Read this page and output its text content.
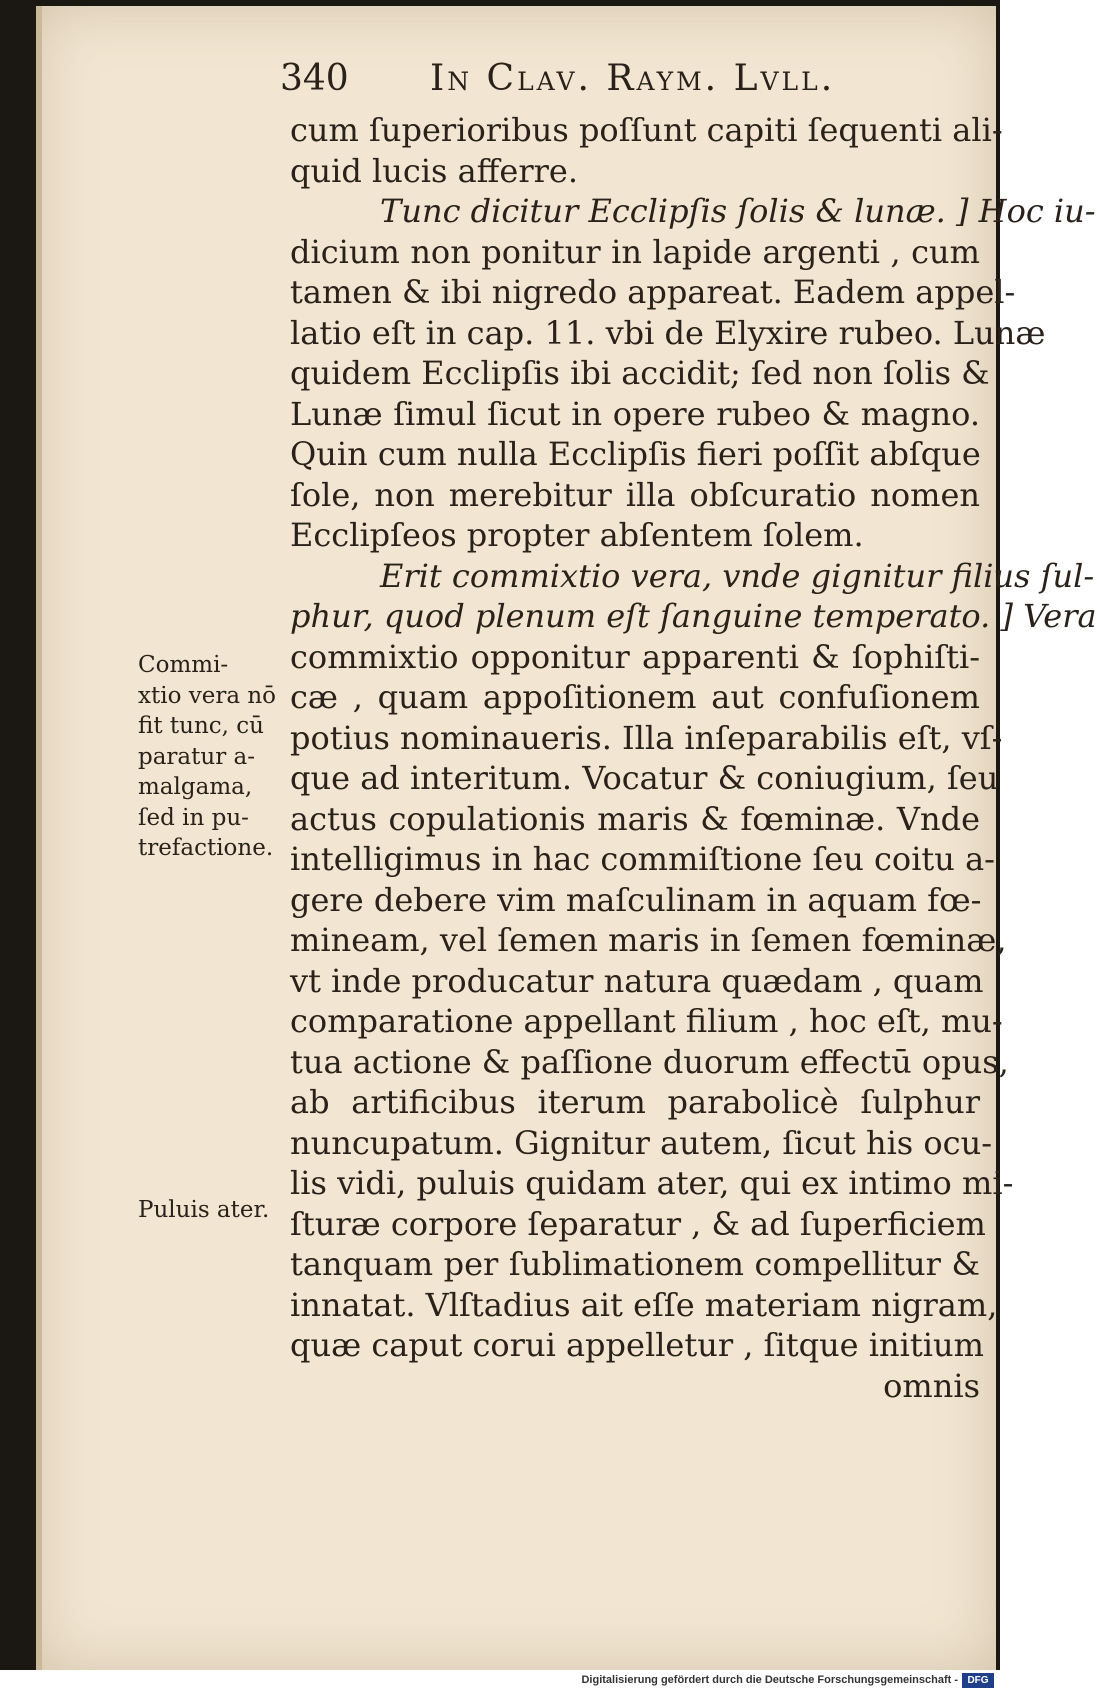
340 In Clav. Raym. Lvll.
cum ſuperioribus poſſunt capiti ſequenti ali-
quid lucis afferre.
Tunc dicitur Ecclipſis ſolis & lunæ. ] Hoc iu-
dicium non ponitur in lapide argenti , cum
tamen & ibi nigredo appareat. Eadem appel-
latio eſt in cap. 11. vbi de Elyxire rubeo. Lunæ
quidem Ecclipſis ibi accidit; ſed non ſolis &
Lunæ ſimul ſicut in opere rubeo & magno.
Quin cum nulla Ecclipſis fieri poſſit abſque
ſole, non merebitur illa obſcuratio nomen
Ecclipſeos propter abſentem ſolem.
Erit commixtio vera, vnde gignitur filius ſul-
phur, quod plenum eſt ſanguine temperato. ] Vera
commixtio opponitur apparenti & ſophiſti-
cæ , quam appoſitionem aut confuſionem
potius nominaueris. Illa inſeparabilis eſt, vſ-
que ad interitum. Vocatur & coniugium, ſeu
actus copulationis maris & fœminæ. Vnde
intelligimus in hac commiſtione ſeu coitu a-
gere debere vim maſculinam in aquam fœ-
mineam, vel ſemen maris in ſemen fœminæ,
vt inde producatur natura quædam , quam
comparatione appellant filium , hoc eſt, mu-
tua actione & paſſione duorum effectū opus,
ab artificibus iterum parabolicè ſulphur
nuncupatum. Gignitur autem, ſicut his ocu-
lis vidi, puluis quidam ater, qui ex intimo mi-
ſturæ corpore ſeparatur , & ad ſuperficiem
tanquam per ſublimationem compellitur &
innatat. Vlſtadius ait eſſe materiam nigram,
quæ caput corui appelletur , ſitque initium
omnis
Commi-
xtio vera nō
fit tunc, cū
paratur a-
malgama,
ſed in pu-
trefactione.
Puluis ater.
Digitalisierung gefördert durch die Deutsche Forschungsgemeinschaft - DFG
